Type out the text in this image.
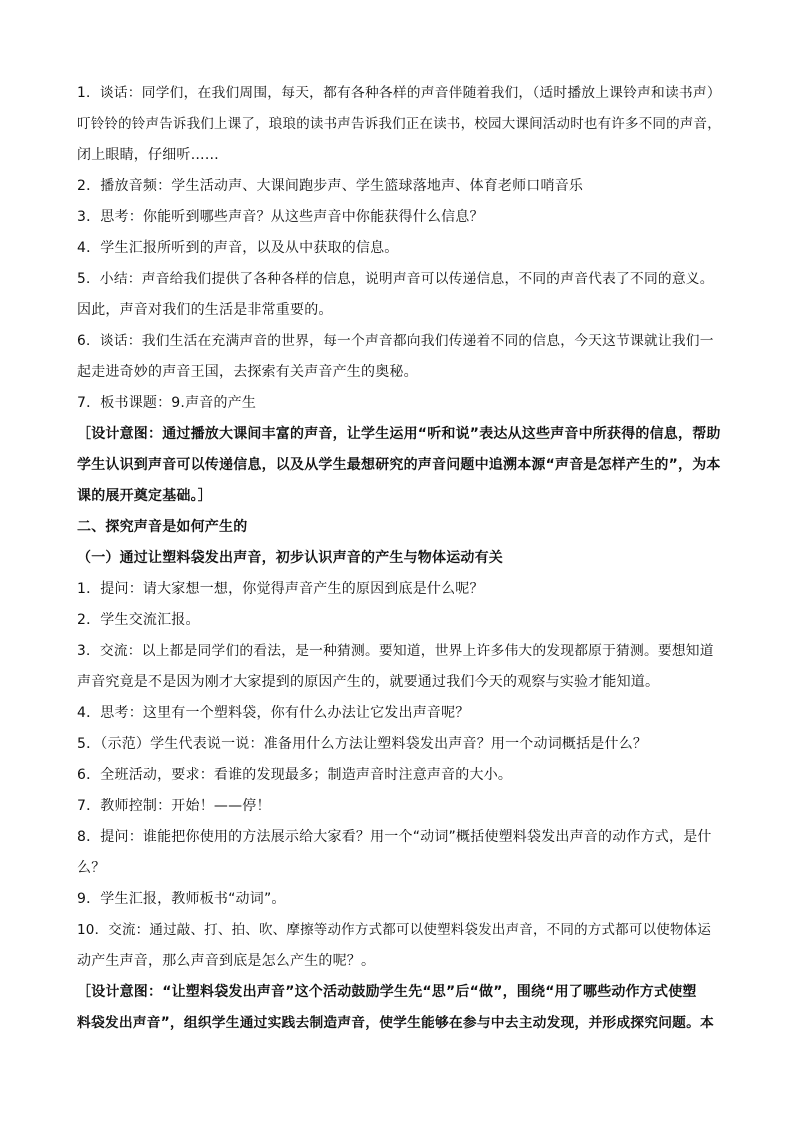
1．谈话：同学们，在我们周围，每天，都有各种各样的声音伴随着我们，（适时播放上课铃声和读书声）
叮铃铃的铃声告诉我们上课了，琅琅的读书声告诉我们正在读书，校园大课间活动时也有许多不同的声音，
闭上眼睛，仔细听……
2．播放音频：学生活动声、大课间跑步声、学生篮球落地声、体育老师口哨音乐
3．思考：你能听到哪些声音？从这些声音中你能获得什么信息？
4．学生汇报所听到的声音，以及从中获取的信息。
5．小结：声音给我们提供了各种各样的信息，说明声音可以传递信息，不同的声音代表了不同的意义。
因此，声音对我们的生活是非常重要的。
6．谈话：我们生活在充满声音的世界，每一个声音都向我们传递着不同的信息，今天这节课就让我们一
起走进奇妙的声音王国，去探索有关声音产生的奥秘。
7．板书课题：9.声音的产生
［设计意图：通过播放大课间丰富的声音，让学生运用“听和说”表达从这些声音中所获得的信息，帮助
学生认识到声音可以传递信息，以及从学生最想研究的声音问题中追溯本源“声音是怎样产生的”，为本
课的展开奠定基础。］
二、探究声音是如何产生的
（一）通过让塑料袋发出声音，初步认识声音的产生与物体运动有关
1．提问：请大家想一想，你觉得声音产生的原因到底是什么呢？
2．学生交流汇报。
3．交流：以上都是同学们的看法，是一种猜测。要知道，世界上许多伟大的发现都原于猜测。要想知道
声音究竟是不是因为刚才大家提到的原因产生的，就要通过我们今天的观察与实验才能知道。
4．思考：这里有一个塑料袋，你有什么办法让它发出声音呢？
5．（示范）学生代表说一说：准备用什么方法让塑料袋发出声音？用一个动词概括是什么？
6．全班活动，要求：看谁的发现最多；制造声音时注意声音的大小。
7．教师控制：开始！——停！
8．提问：谁能把你使用的方法展示给大家看？用一个“动词”概括使塑料袋发出声音的动作方式，是什
么？
9．学生汇报，教师板书“动词”。
10．交流：通过敲、打、拍、吹、摩擦等动作方式都可以使塑料袋发出声音，不同的方式都可以使物体运
动产生声音，那么声音到底是怎么产生的呢？。
［设计意图：“让塑料袋发出声音”这个活动鼓励学生先“思”后“做”，围绕“用了哪些动作方式使塑
料袋发出声音”，组织学生通过实践去制造声音，使学生能够在参与中去主动发现，并形成探究问题。本
